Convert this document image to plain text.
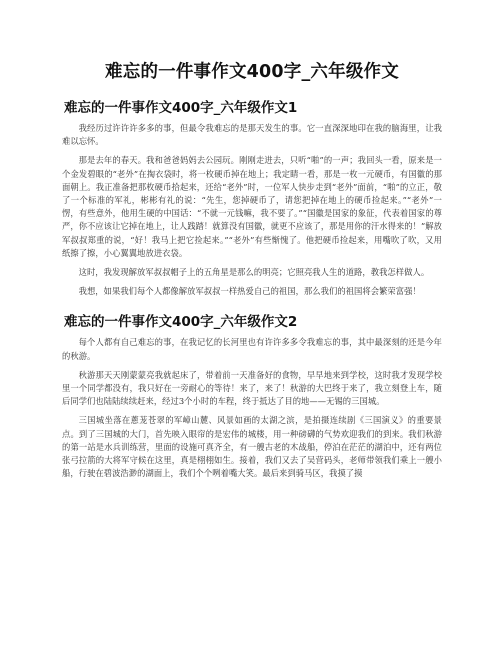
难忘的一件事作文400字_六年级作文
难忘的一件事作文400字_六年级作文1

我经历过许许许多多的事，但最令我难忘的是那天发生的事。它一直深深地印在我的脑海里，让我难以忘怀。

那是去年的春天。我和爸爸妈妈去公园玩。刚刚走进去，只听“啪”的一声；我回头一看，原来是一个金发碧眼的“老外”在掏衣袋时，将一枚硬币掉在地上；我定睛一看，那是一枚一元硬币，有国徽的那面朝上。我正准备把那枚硬币拾起来，还给“老外”时，一位军人快步走到“老外”面前，“啪”的立正，敬了一个标准的军礼，彬彬有礼的说：“先生，您掉硬币了，请您把掉在地上的硬币捡起来。”“老外”一愣，有些意外，他用生硬的中国话：“不就一元钱嘛，我不要了。”“国徽是国家的象征，代表着国家的尊严，你不应该让它掉在地上，让人践踏！就算没有国徽，就更不应该了，那是用你的汗水得来的！”解放军叔叔郑重的说，“好！我马上把它捡起来。”“老外”有些惭愧了。他把硬币捡起来，用嘴吹了吹，又用纸擦了擦，小心翼翼地放进衣袋。

这时，我发现解放军叔叔帽子上的五角星是那么的明亮；它照亮我人生的道路，教我怎样做人。

我想，如果我们每个人都像解放军叔叔一样热爱自己的祖国，那么我们的祖国将会繁荣富强！

难忘的一件事作文400字_六年级作文2

每个人都有自己难忘的事，在我记忆的长河里也有许许多多令我难忘的事，其中最深刻的还是今年的秋游。

秋游那天天刚蒙蒙亮我就起床了，带着前一天准备好的食物，早早地来到学校，这时我才发现学校里一个同学都没有，我只好在一旁耐心的等待！来了，来了！秋游的大巴终于来了，我立刻登上车，随后同学们也陆陆续续赶来，经过3个小时的车程，终于抵达了目的地——无锡的三国城。

三国城坐落在蔥茏苍翠的军嶂山麓、风景如画的太湖之滨，是拍摄连续剧《三国演义》的重要景点。到了三国城的大门，首先映入眼帘的是宏伟的城楼，用一种磅礴的气势欢迎我们的到来。我们秋游的第一站是水兵训练营，里面的设施可真齐全，有一艘古老的木战船，停泊在茫茫的湖泊中，还有两位张弓拉箭的大将军守候在这里，真是栩栩如生。接着，我们又去了吴营码头，老师带领我们乘上一艘小船，行驶在碧波浩渺的湖面上，我们个个咧着嘴大笑。最后来到骑马区，我摸了摸
